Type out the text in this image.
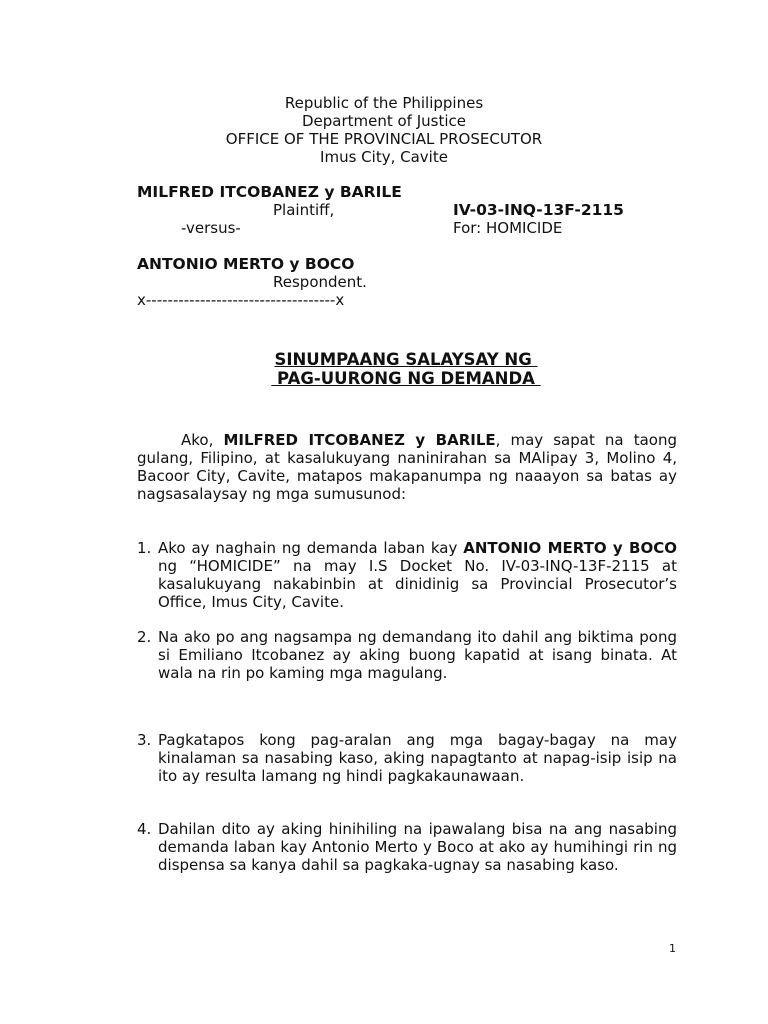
Republic of the Philippines
Department of Justice
OFFICE OF THE PROVINCIAL PROSECUTOR
Imus City, Cavite
MILFRED ITCOBANEZ y BARILE
Plaintiff,	IV-03-INQ-13F-2115
-versus-	For: HOMICIDE
ANTONIO MERTO y BOCO
Respondent.
x-----------------------------------x
SINUMPAANG SALAYSAY NG
PAG-UURONG NG DEMANDA
Ako, MILFRED ITCOBANEZ y BARILE, may sapat na taong gulang, Filipino, at kasalukuyang naninirahan sa MAlipay 3, Molino 4, Bacoor City, Cavite, matapos makapanumpa ng naaayon sa batas ay nagsasalaysay ng mga sumusunod:
1. Ako ay naghain ng demanda laban kay ANTONIO MERTO y BOCO ng “HOMICIDE” na may I.S Docket No. IV-03-INQ-13F-2115 at kasalukuyang nakabinbin at dinidinig sa Provincial Prosecutor’s Office, Imus City, Cavite.
2. Na ako po ang nagsampa ng demandang ito dahil ang biktima pong si Emiliano Itcobanez ay aking buong kapatid at isang binata. At wala na rin po kaming mga magulang.
3. Pagkatapos kong pag-aralan ang mga bagay-bagay na may kinalaman sa nasabing kaso, aking napagtanto at napag-isip isip na ito ay resulta lamang ng hindi pagkakaunawaan.
4. Dahilan dito ay aking hinihiling na ipawalang bisa na ang nasabing demanda laban kay Antonio Merto y Boco at ako ay humihingi rin ng dispensa sa kanya dahil sa pagkaka-ugnay sa nasabing kaso.
1
